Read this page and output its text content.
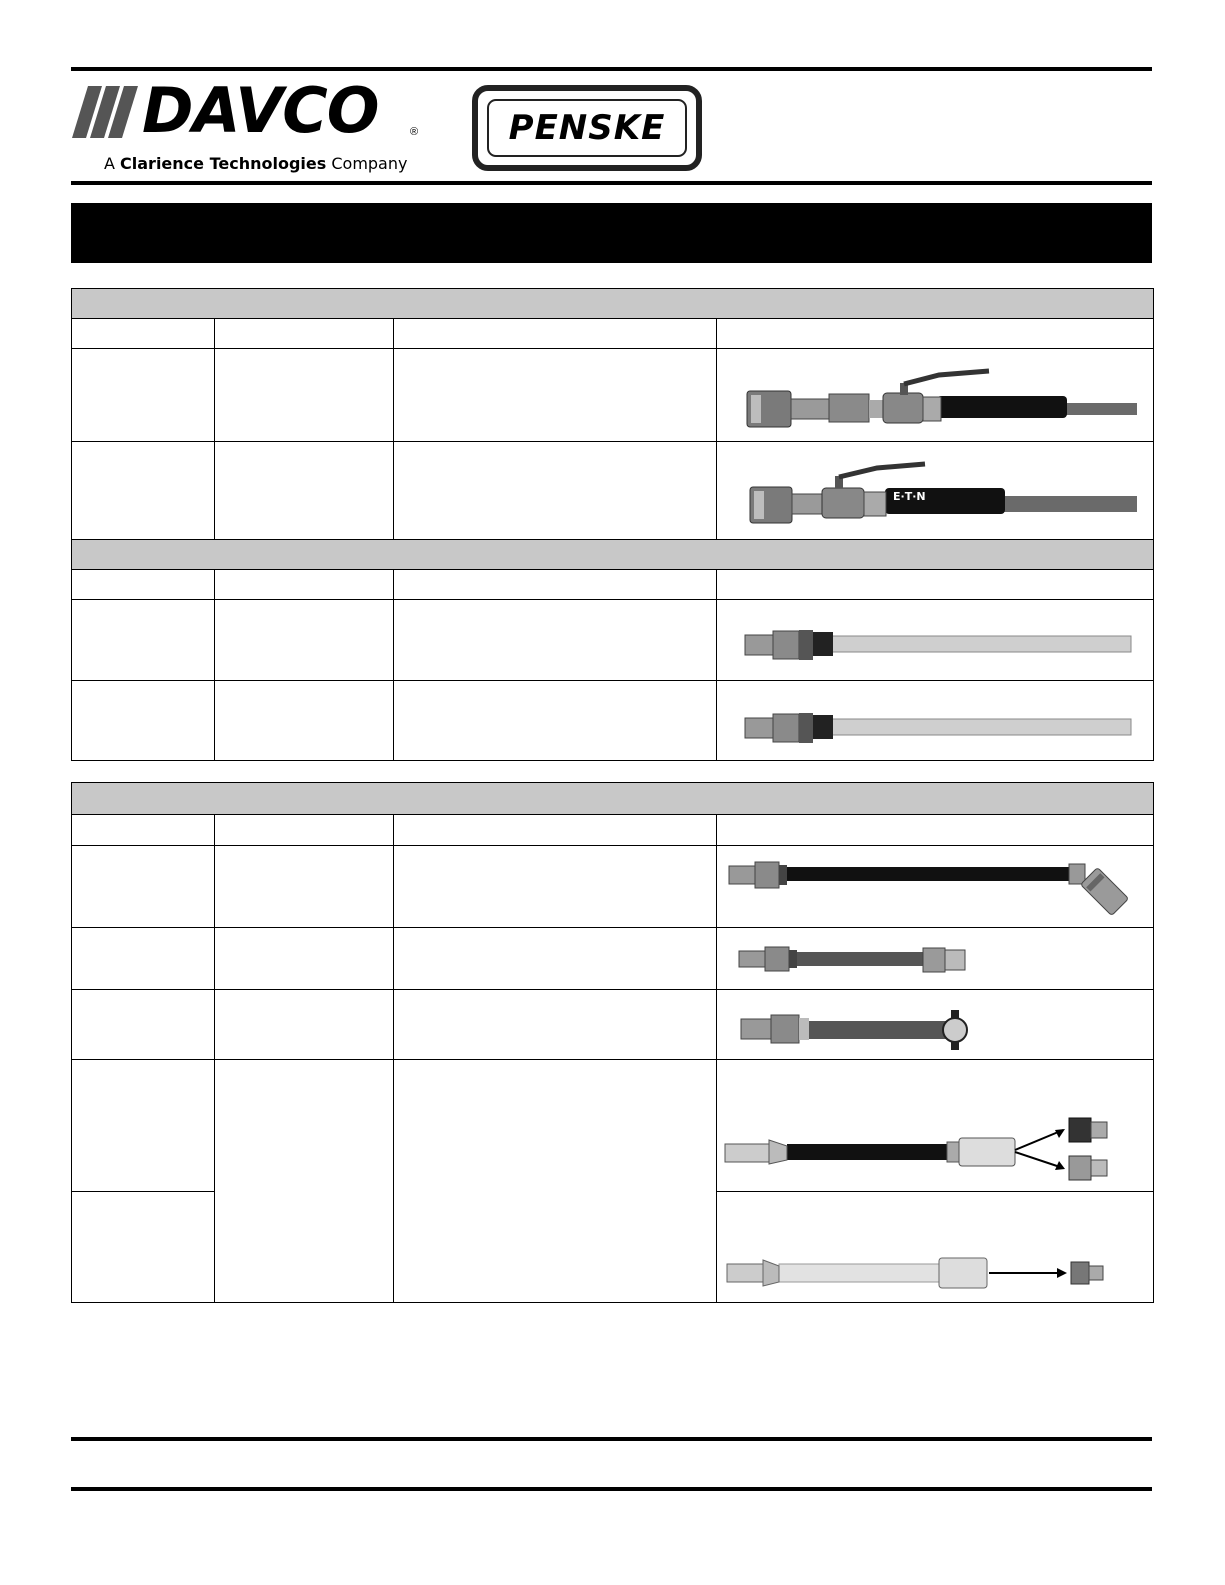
DAVCO	®
A Clarience Technologies Company
PENSKE

E·T·N
